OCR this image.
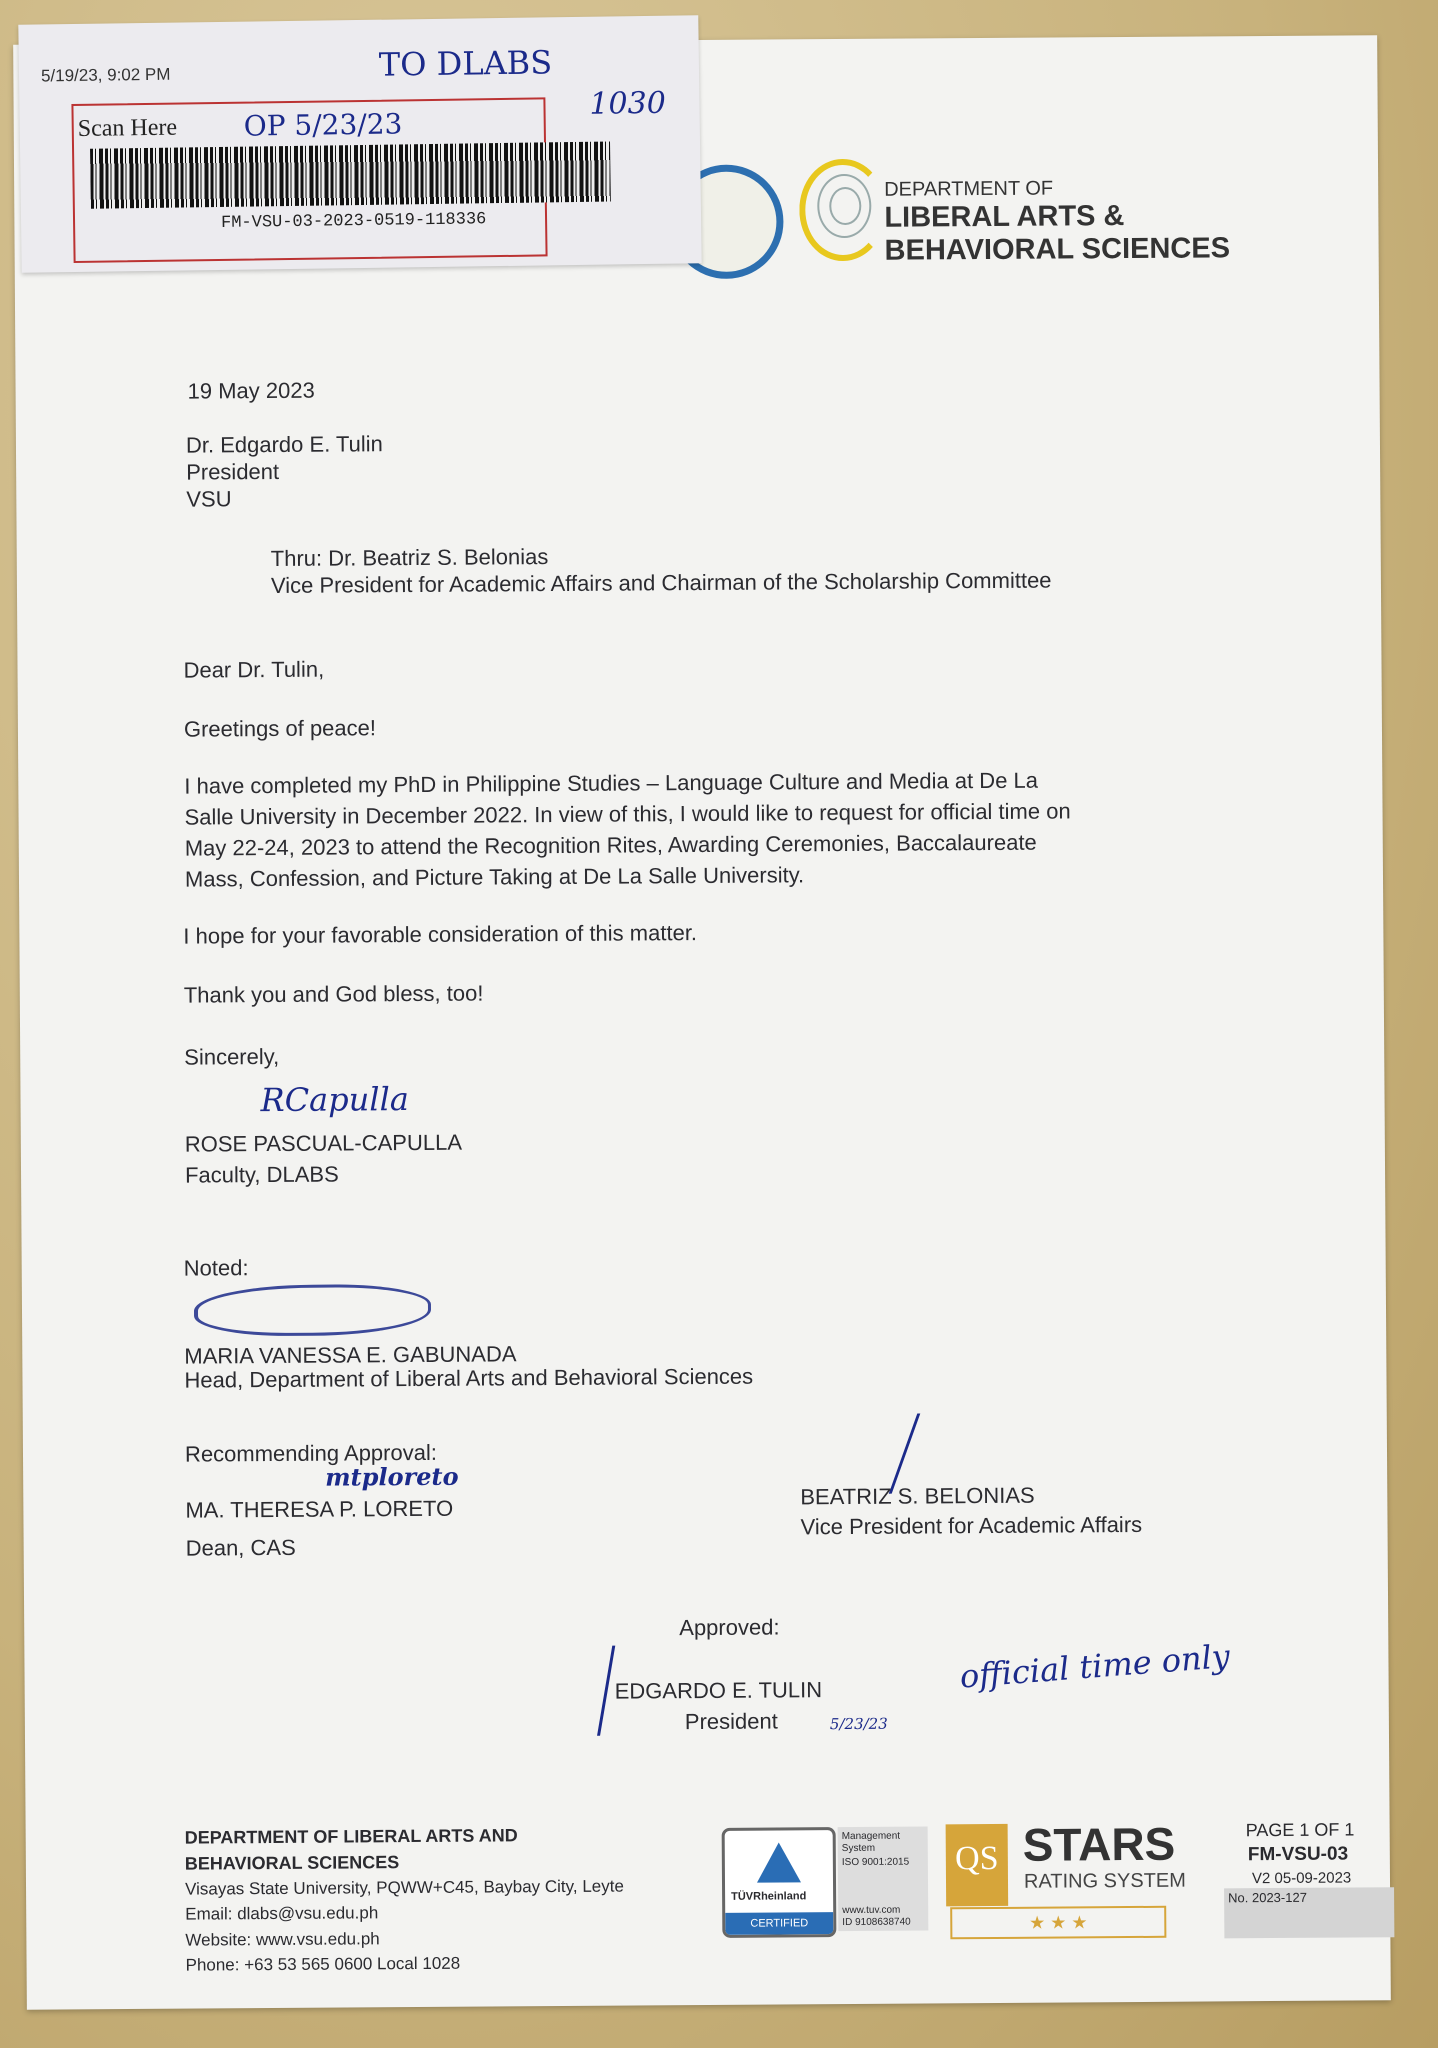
DEPARTMENT OF
LIBERAL ARTS &
BEHAVIORAL SCIENCES
19 May 2023
Dr. Edgardo E. Tulin
President
VSU
Thru: Dr. Beatriz S. Belonias
Vice President for Academic Affairs and Chairman of the Scholarship Committee
Dear Dr. Tulin,
Greetings of peace!
I have completed my PhD in Philippine Studies – Language Culture and Media at De La
Salle University in December 2022. In view of this, I would like to request for official time on
May 22-24, 2023 to attend the Recognition Rites, Awarding Ceremonies, Baccalaureate
Mass, Confession, and Picture Taking at De La Salle University.
I hope for your favorable consideration of this matter.
Thank you and God bless, too!
Sincerely,
RCapulla
ROSE PASCUAL-CAPULLA
Faculty, DLABS
Noted:
MARIA VANESSA E. GABUNADA
Head, Department of Liberal Arts and Behavioral Sciences
Recommending Approval:
mtploreto
MA. THERESA P. LORETO
Dean, CAS
BEATRIZ S. BELONIAS
Vice President for Academic Affairs
Approved:
EDGARDO E. TULIN
President	5/23/23
official time only
DEPARTMENT OF LIBERAL ARTS AND
BEHAVIORAL SCIENCES
Visayas State University, PQWW+C45, Baybay City, Leyte
Email: dlabs@vsu.edu.ph
Website: www.vsu.edu.ph
Phone: +63 53 565 0600 Local 1028
TÜVRheinland
CERTIFIED
Management
System
ISO 9001:2015
www.tuv.com
ID 9108638740
QS STARS
RATING SYSTEM
★ ★ ★
PAGE 1 OF 1
FM-VSU-03
V2 05-09-2023
No. 2023-127
5/19/23, 9:02 PM	TO DLABS
1030
Scan Here OP 5/23/23
FM-VSU-03-2023-0519-118336
